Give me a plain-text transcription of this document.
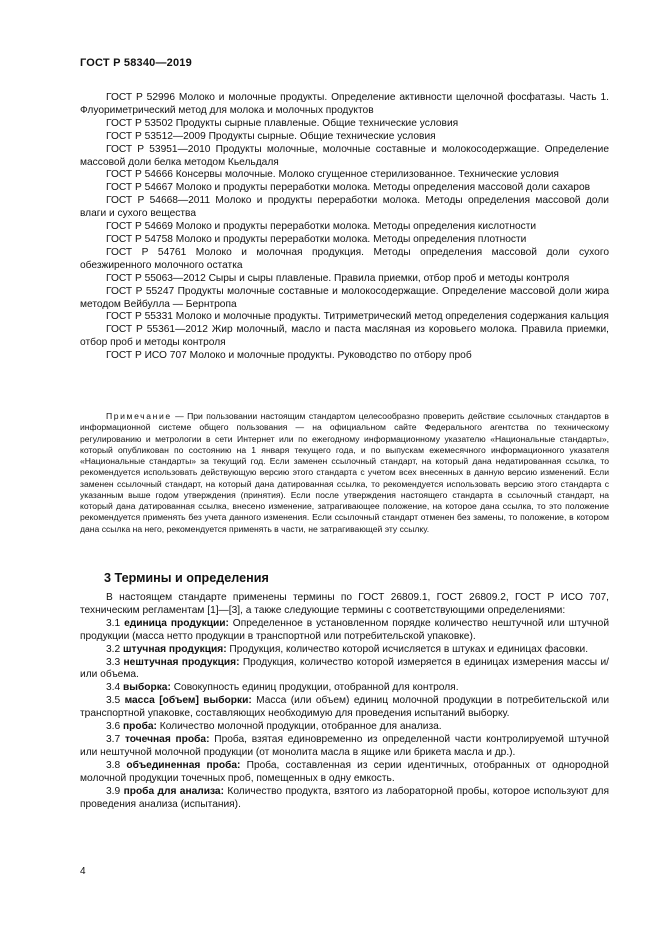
ГОСТ Р 58340—2019

ГОСТ Р 52996 Молоко и молочные продукты. Определение активности щелочной фосфатазы. Часть 1. Флуориметрический метод для молока и молочных продуктов

ГОСТ Р 53502 Продукты сырные плавленые. Общие технические условия

ГОСТ Р 53512—2009 Продукты сырные. Общие технические условия

ГОСТ Р 53951—2010 Продукты молочные, молочные составные и молокосодержащие. Определение массовой доли белка методом Кьельдаля

ГОСТ Р 54666 Консервы молочные. Молоко сгущенное стерилизованное. Технические условия

ГОСТ Р 54667 Молоко и продукты переработки молока. Методы определения массовой доли сахаров

ГОСТ Р 54668—2011 Молоко и продукты переработки молока. Методы определения массовой доли влаги и сухого вещества

ГОСТ Р 54669 Молоко и продукты переработки молока. Методы определения кислотности

ГОСТ Р 54758 Молоко и продукты переработки молока. Методы определения плотности

ГОСТ Р 54761 Молоко и молочная продукция. Методы определения массовой доли сухого обезжиренного молочного остатка

ГОСТ Р 55063—2012 Сыры и сыры плавленые. Правила приемки, отбор проб и методы контроля

ГОСТ Р 55247 Продукты молочные составные и молокосодержащие. Определение массовой доли жира методом Вейбулла — Бернтропа

ГОСТ Р 55331 Молоко и молочные продукты. Титриметрический метод определения содержания кальция

ГОСТ Р 55361—2012 Жир молочный, масло и паста масляная из коровьего молока. Правила приемки, отбор проб и методы контроля

ГОСТ Р ИСО 707 Молоко и молочные продукты. Руководство по отбору проб

Примечание — При пользовании настоящим стандартом целесообразно проверить действие ссылочных стандартов в информационной системе общего пользования — на официальном сайте Федерального агентства по техническому регулированию и метрологии в сети Интернет или по ежегодному информационному указателю «Национальные стандарты», который опубликован по состоянию на 1 января текущего года, и по выпускам ежемесячного информационного указателя «Национальные стандарты» за текущий год. Если заменен ссылочный стандарт, на который дана недатированная ссылка, то рекомендуется использовать действующую версию этого стандарта с учетом всех внесенных в данную версию изменений. Если заменен ссылочный стандарт, на который дана датированная ссылка, то рекомендуется использовать версию этого стандарта с указанным выше годом утверждения (принятия). Если после утверждения настоящего стандарта в ссылочный стандарт, на который дана датированная ссылка, внесено изменение, затрагивающее положение, на которое дана ссылка, то это положение рекомендуется применять без учета данного изменения. Если ссылочный стандарт отменен без замены, то положение, в котором дана ссылка на него, рекомендуется применять в части, не затрагивающей эту ссылку.

3 Термины и определения

В настоящем стандарте применены термины по ГОСТ 26809.1, ГОСТ 26809.2, ГОСТ Р ИСО 707, техническим регламентам [1]—[3], а также следующие термины с соответствующими определениями:

3.1 единица продукции: Определенное в установленном порядке количество нештучной или штучной продукции (масса нетто продукции в транспортной или потребительской упаковке).

3.2 штучная продукция: Продукция, количество которой исчисляется в штуках и единицах фасовки.

3.3 нештучная продукция: Продукция, количество которой измеряется в единицах измерения массы и/или объема.

3.4 выборка: Совокупность единиц продукции, отобранной для контроля.

3.5 масса [объем] выборки: Масса (или объем) единиц молочной продукции в потребительской или транспортной упаковке, составляющих необходимую для проведения испытаний выборку.

3.6 проба: Количество молочной продукции, отобранное для анализа.

3.7 точечная проба: Проба, взятая единовременно из определенной части контролируемой штучной или нештучной молочной продукции (от монолита масла в ящике или брикета масла и др.).

3.8 объединенная проба: Проба, составленная из серии идентичных, отобранных от однородной молочной продукции точечных проб, помещенных в одну емкость.

3.9 проба для анализа: Количество продукта, взятого из лабораторной пробы, которое используют для проведения анализа (испытания).

4
